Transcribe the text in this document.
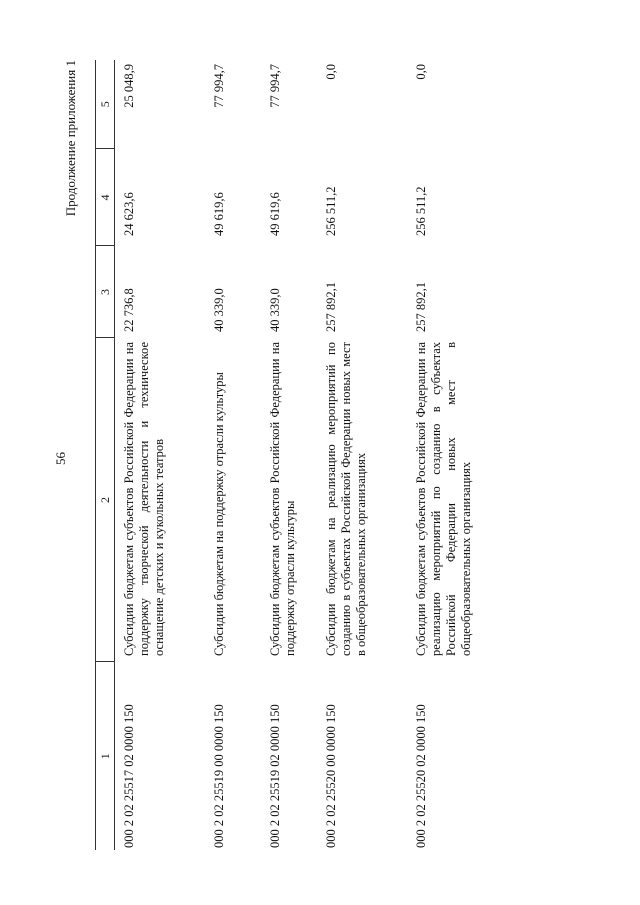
56
Продолжение приложения 1
1	2	3	4	5
000 2 02 25517 02 0000 150	Субсидии бюджетам субъектов Российской Федерации на поддержку творческой деятельности и техническое оснащение детских и кукольных театров	22 736,8	24 623,6	25 048,9
000 2 02 25519 00 0000 150	Субсидии бюджетам на поддержку отрасли культуры	40 339,0	49 619,6	77 994,7
000 2 02 25519 02 0000 150	Субсидии бюджетам субъектов Российской Федерации на поддержку отрасли культуры	40 339,0	49 619,6	77 994,7
000 2 02 25520 00 0000 150	Субсидии бюджетам на реализацию мероприятий по созданию в субъектах Российской Федерации новых мест в общеобразовательных организациях	257 892,1	256 511,2	0,0
000 2 02 25520 02 0000 150	Субсидии бюджетам субъектов Российской Федерации на реализацию мероприятий по созданию в субъектах Российской Федерации новых мест в общеобразовательных организациях	257 892,1	256 511,2	0,0
